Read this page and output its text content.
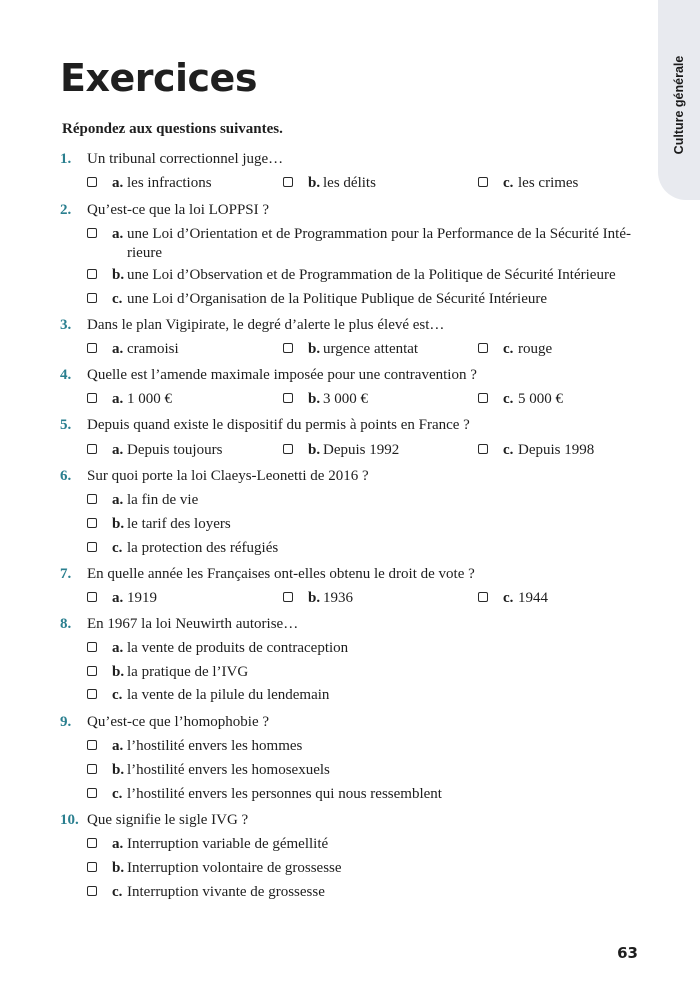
Culture générale
Exercices
Répondez aux questions suivantes.
1. Un tribunal correctionnel juge…
a. les infractions	b. les délits	c. les crimes
2. Qu’est-ce que la loi LOPPSI ?
a. une Loi d’Orientation et de Programmation pour la Performance de la Sécurité Inté-
rieure
b. une Loi d’Observation et de Programmation de la Politique de Sécurité Intérieure
c. une Loi d’Organisation de la Politique Publique de Sécurité Intérieure
3. Dans le plan Vigipirate, le degré d’alerte le plus élevé est…
a. cramoisi	b. urgence attentat	c. rouge
4. Quelle est l’amende maximale imposée pour une contravention ?
a. 1 000 €	b. 3 000 €	c. 5 000 €
5. Depuis quand existe le dispositif du permis à points en France ?
a. Depuis toujours	b. Depuis 1992	c. Depuis 1998
6. Sur quoi porte la loi Claeys-Leonetti de 2016 ?
a. la fin de vie
b. le tarif des loyers
c. la protection des réfugiés
7. En quelle année les Françaises ont-elles obtenu le droit de vote ?
a. 1919	b. 1936	c. 1944
8. En 1967 la loi Neuwirth autorise…
a. la vente de produits de contraception
b. la pratique de l’IVG
c. la vente de la pilule du lendemain
9. Qu’est-ce que l’homophobie ?
a. l’hostilité envers les hommes
b. l’hostilité envers les homosexuels
c. l’hostilité envers les personnes qui nous ressemblent
10. Que signifie le sigle IVG ?
a. Interruption variable de gémellité
b. Interruption volontaire de grossesse
c. Interruption vivante de grossesse
63
